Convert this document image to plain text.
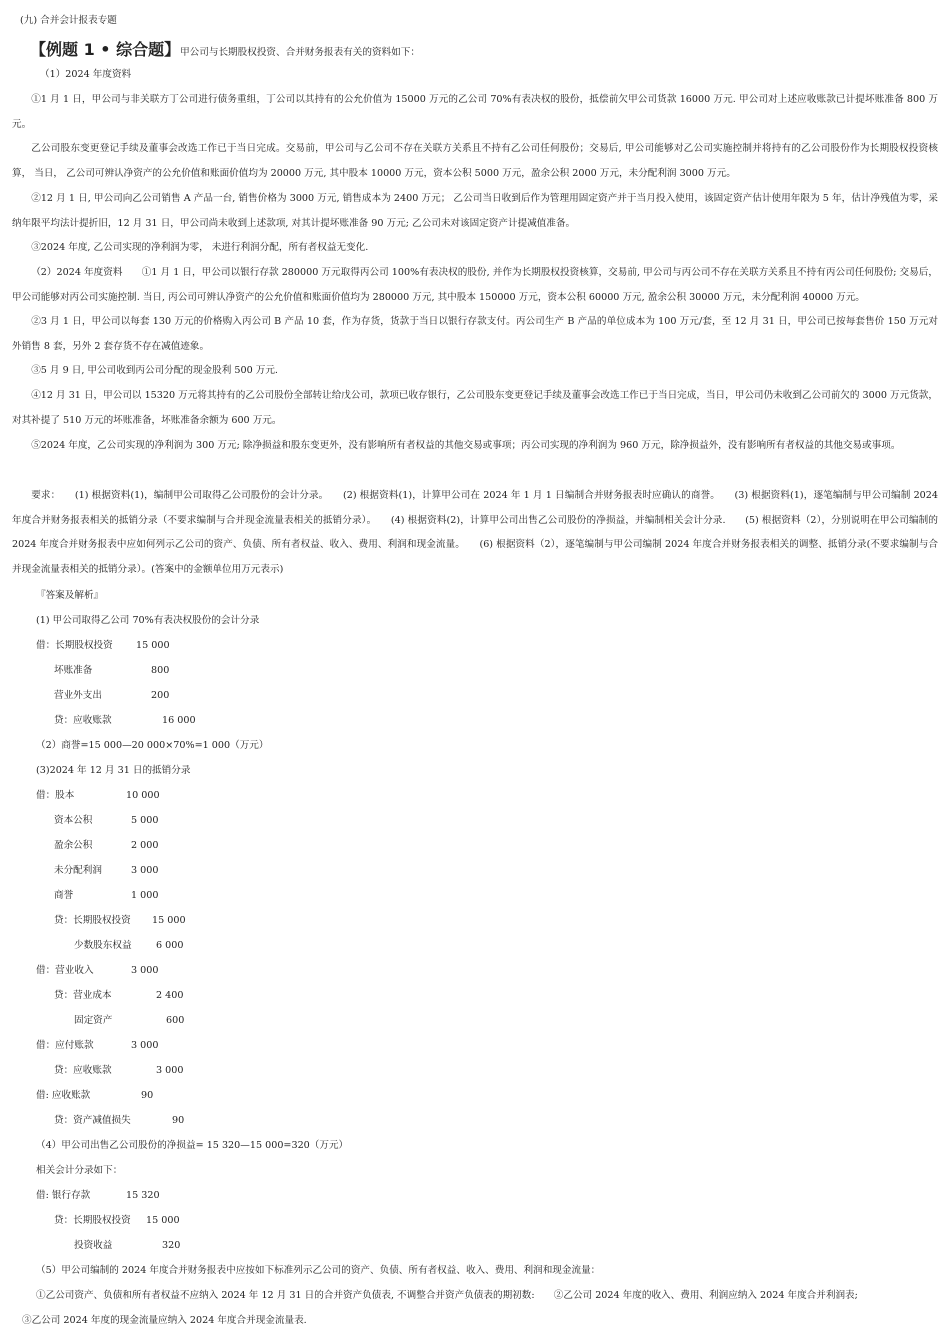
(九) 合并会计报表专题
【例题 1 • 综合题】甲公司与长期股权投资、合并财务报表有关的资料如下：
（1）2024 年度资料
①1 月 1 日，甲公司与非关联方丁公司进行债务重组，丁公司以其持有的公允价值为 15000 万元的乙公司 70%有表决权的股份，抵偿前欠甲公司货款 16000 万元. 甲公司对上述应收账款已计提坏账准备 800 万元。
乙公司股东变更登记手续及董事会改选工作已于当日完成。交易前，甲公司与乙公司不存在关联方关系且不持有乙公司任何股份；交易后, 甲公司能够对乙公司实施控制并将持有的乙公司股份作为长期股权投资核算， 当日， 乙公司可辨认净资产的公允价值和账面价值均为 20000 万元, 其中股本 10000 万元，资本公积 5000 万元，盈余公积 2000 万元，未分配利润 3000 万元。
②12 月 1 日, 甲公司向乙公司销售 A 产品一台, 销售价格为 3000 万元, 销售成本为 2400 万元； 乙公司当日收到后作为管理用固定资产并于当月投入使用，该固定资产估计使用年限为 5 年，估计净残值为零，采纳年限平均法计提折旧，12 月 31 日，甲公司尚未收到上述款项, 对其计提坏账准备 90 万元; 乙公司未对该固定资产计提减值准备。
③2024 年度, 乙公司实现的净利润为零， 未进行利润分配，所有者权益无变化.
（2）2024 年度资料　　①1 月 1 日，甲公司以银行存款 280000 万元取得丙公司 100%有表决权的股份, 并作为长期股权投资核算，交易前, 甲公司与丙公司不存在关联方关系且不持有丙公司任何股份; 交易后，甲公司能够对丙公司实施控制. 当日, 丙公司可辨认净资产的公允价值和账面价值均为 280000 万元, 其中股本 150000 万元，资本公积 60000 万元, 盈余公积 30000 万元，未分配利润 40000 万元。
②3 月 1 日，甲公司以每套 130 万元的价格购入丙公司 B 产品 10 套，作为存货，货款于当日以银行存款支付。丙公司生产 B 产品的单位成本为 100 万元/套，至 12 月 31 日，甲公司已按每套售价 150 万元对外销售 8 套，另外 2 套存货不存在减值迹象。
③5 月 9 日, 甲公司收到丙公司分配的现金股利 500 万元.
④12 月 31 日，甲公司以 15320 万元将其持有的乙公司股份全部转让给戊公司，款项已收存银行，乙公司股东变更登记手续及董事会改选工作已于当日完成，当日，甲公司仍未收到乙公司前欠的 3000 万元货款，对其补提了 510 万元的坏账准备，坏账准备余额为 600 万元。
⑤2024 年度，乙公司实现的净利润为 300 万元; 除净损益和股东变更外，没有影响所有者权益的其他交易或事项；丙公司实现的净利润为 960 万元，除净损益外，没有影响所有者权益的其他交易或事项。
要求：　　(1) 根据资料(1)，编制甲公司取得乙公司股份的会计分录。　　(2) 根据资料(1)，计算甲公司在 2024 年 1 月 1 日编制合并财务报表时应确认的商誉。　　(3) 根据资料(1)，逐笔编制与甲公司编制 2024 年度合并财务报表相关的抵销分录（不要求编制与合并现金流量表相关的抵销分录）。　　(4) 根据资料(2)，计算甲公司出售乙公司股份的净损益，并编制相关会计分录.　　(5) 根据资料（2），分别说明在甲公司编制的 2024 年度合并财务报表中应如何列示乙公司的资产、负债、所有者权益、收入、费用、利润和现金流量。　　(6) 根据资料（2），逐笔编制与甲公司编制 2024 年度合并财务报表相关的调整、抵销分录(不要求编制与合并现金流量表相关的抵销分录）。(答案中的金额单位用万元表示)
『答案及解析』
(1) 甲公司取得乙公司 70%有表决权股份的会计分录
借：长期股权投资 15 000
坏账准备	800
营业外支出	200
贷：应收账款	16 000
（2）商誉=15 000—20 000×70%=1 000（万元）
(3)2024 年 12 月 31 日的抵销分录
借：股本	10 000
资本公积	5 000
盈余公积	2 000
未分配利润	3 000
商誉	1 000
贷：长期股权投资 15 000
少数股东权益	6 000
借：营业收入	3 000
贷：营业成本	2 400
固定资产	600
借：应付账款	3 000
贷：应收账款	3 000
借: 应收账款	90
贷：资产减值损失	90
（4）甲公司出售乙公司股份的净损益= 15 320—15 000=320（万元）
相关会计分录如下：
借: 银行存款	15 320
贷：长期股权投资 15 000
投资收益	320
（5）甲公司编制的 2024 年度合并财务报表中应按如下标准列示乙公司的资产、负债、所有者权益、收入、费用、利润和现金流量：
①乙公司资产、负债和所有者权益不应纳入 2024 年 12 月 31 日的合并资产负债表, 不调整合并资产负债表的期初数:　　②乙公司 2024 年度的收入、费用、利润应纳入 2024 年度合并利润表;
③乙公司 2024 年度的现金流量应纳入 2024 年度合并现金流量表.
